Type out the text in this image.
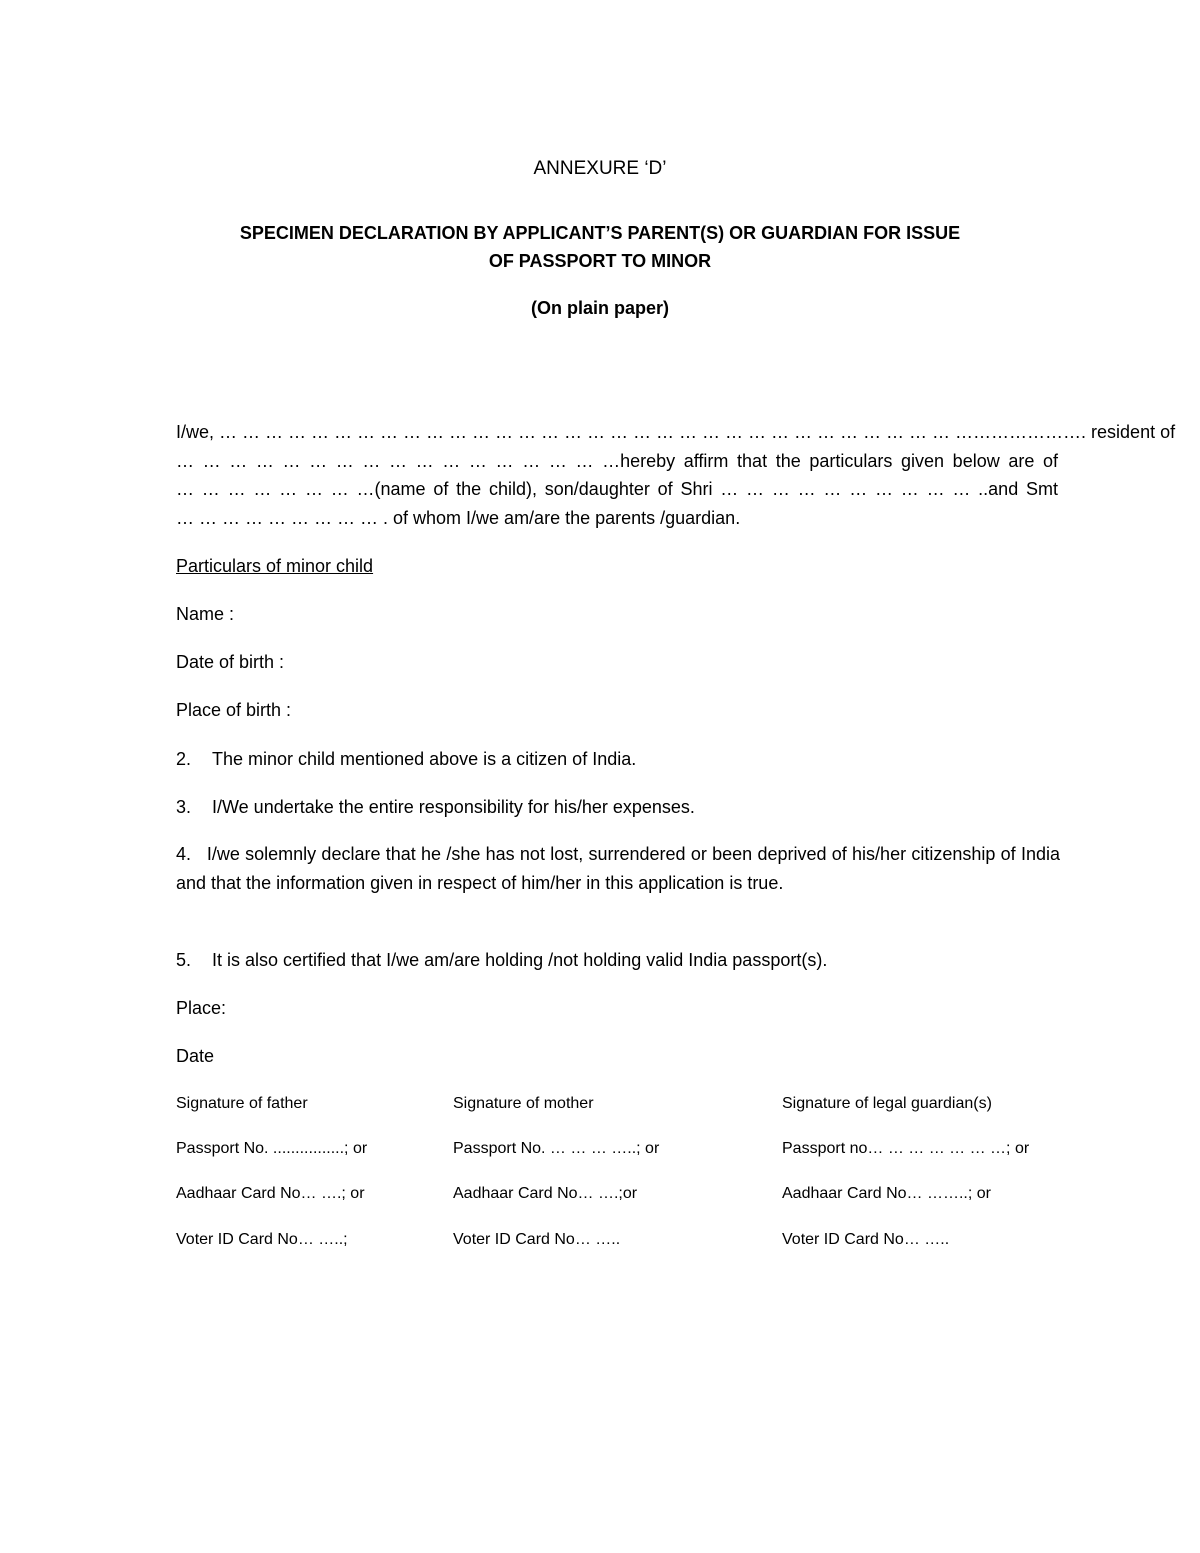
ANNEXURE ‘D’
SPECIMEN DECLARATION BY APPLICANT’S PARENT(S) OR GUARDIAN FOR ISSUE
OF PASSPORT TO MINOR
(On plain paper)
I/we, … … … … … … … … … … … … … … … … … … … … … … … … … … … … … … … … …………………. resident of
… … … … … … … … … … … … … … … … …hereby affirm that the particulars given below are of
… … … … … … … …(name of the child), son/daughter of Shri … … … … … … … … … … ..and Smt
… … … … … … … … … . of whom I/we am/are the parents /guardian.
Particulars of minor child
Name :
Date of birth :
Place of birth :
2. The minor child mentioned above is a citizen of India.
3. I/We undertake the entire responsibility for his/her expenses.
4. I/we solemnly declare that he /she has not lost, surrendered or been deprived of his/her citizenship of India and that the information given in respect of him/her in this application is true.
5. It is also certified that I/we am/are holding /not holding valid India passport(s).
Place:
Date
Signature of father	Signature of mother	Signature of legal guardian(s)
Passport No. ................; or	Passport No. … … … …..; or	Passport no… … … … … … …; or
Aadhaar Card No… ….; or	Aadhaar Card No… ….;or	Aadhaar Card No… ……..; or
Voter ID Card No… …..;	Voter ID Card No… …..	Voter ID Card No… …..
